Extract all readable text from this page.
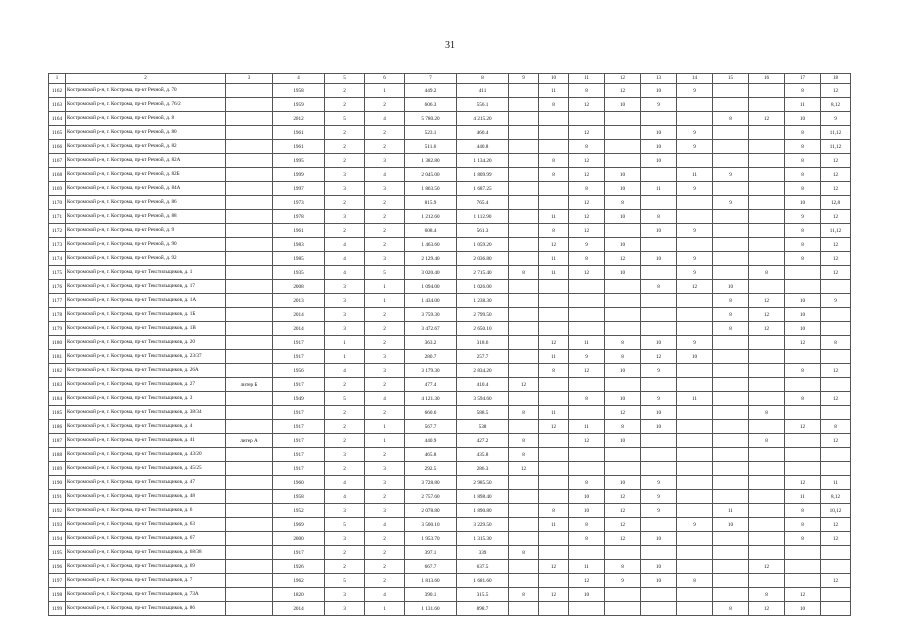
31
1	2	3	4	5	6	7	8	9	10	11	12	13	14	15	16	17	18
1162	Костромской р-н, г. Кострома, пр-кт Речной, д. 70		1958	2	1	449.2	411		11	8	12	10	9			8	12
1163	Костромской р-н, г. Кострома, пр-кт Речной, д. 76/2		1959	2	2	606.3	556.1		8	12	10	9				11	8,12
1164	Костромской р-н, г. Кострома, пр-кт Речной, д. 8		2012	5	4	5 780.20	4 215.20							8	12	10	9
1165	Костромской р-н, г. Кострома, пр-кт Речной, д. 80		1961	2	2	523.1	460.4			12		10	9			8	11,12
1166	Костромской р-н, г. Кострома, пр-кт Речной, д. 82		1961	2	2	511.6	440.8			8		10	9			8	11,12
1167	Костромской р-н, г. Кострома, пр-кт Речной, д. 82А		1995	2	3	1 382.80	1 134.20		8	12		10				8	12
1168	Костромской р-н, г. Кострома, пр-кт Речной, д. 82Б		1999	3	4	2 045.00	1 809.99		8	12	10		11	9		8	12
1169	Костромской р-н, г. Кострома, пр-кт Речной, д. 84А		1997	3	3	1 863.50	1 687.25			8	10	11	9			8	12
1170	Костромской р-н, г. Кострома, пр-кт Речной, д. 86		1973	2	2	815.9	765.4			12	8			9		10	12,8
1171	Костромской р-н, г. Кострома, пр-кт Речной, д. 88		1978	3	2	1 212.60	1 112.90		11	12	10	8				9	12
1172	Костромской р-н, г. Кострома, пр-кт Речной, д. 9		1961	2	2	608.4	561.3		8	12		10	9			8	11,12
1173	Костромской р-н, г. Кострома, пр-кт Речной, д. 90		1983	4	2	1 463.60	1 059.20		12	9	10					8	12
1174	Костромской р-н, г. Кострома, пр-кт Речной, д. 92		1985	4	3	2 129.40	2 036.80		11	8	12	10	9			8	12
1175	Костромской р-н, г. Кострома, пр-кт Текстильщиков, д. 1		1935	4	5	3 020.40	2 715.40	8	11	12	10		9		8		12
1176	Костромской р-н, г. Кострома, пр-кт Текстильщиков, д. 17		2008	3	1	1 094.00	1 026.00					8	12	10			
1177	Костромской р-н, г. Кострома, пр-кт Текстильщиков, д. 1А		2013	3	1	1 434.00	1 238.30							8	12	10	9
1178	Костромской р-н, г. Кострома, пр-кт Текстильщиков, д. 1Б		2014	3	2	3 759.30	2 799.50							8	12	10	
1179	Костромской р-н, г. Кострома, пр-кт Текстильщиков, д. 1В		2014	3	2	3 472.67	2 650.10							8	12	10	
1180	Костромской р-н, г. Кострома, пр-кт Текстильщиков, д. 20		1917	1	2	363.2	318.6		12	11	8	10	9			12	8
1181	Костромской р-н, г. Кострома, пр-кт Текстильщиков, д. 23/37		1917	1	3	280.7	257.7		11	9	8	12	10				
1182	Костромской р-н, г. Кострома, пр-кт Текстильщиков, д. 26А		1956	4	3	3 179.30	2 834.20		8	12	10	9				8	12
1183	Костромской р-н, г. Кострома, пр-кт Текстильщиков, д. 27	литер Б	1917	2	2	477.4	410.4	12									
1184	Костромской р-н, г. Кострома, пр-кт Текстильщиков, д. 3		1949	5	4	4 121.30	3 594.60			8	10	9	11			8	12
1185	Костромской р-н, г. Кострома, пр-кт Текстильщиков, д. 38/34		1917	2	2	660.6	588.5	8	11		12	10			8		
1186	Костромской р-н, г. Кострома, пр-кт Текстильщиков, д. 4		1917	2	1	567.7	538		12	11	8	10				12	8
1187	Костромской р-н, г. Кострома, пр-кт Текстильщиков, д. 41	литер А	1917	2	1	440.9	427.2	8		12	10				8		12
1188	Костромской р-н, г. Кострома, пр-кт Текстильщиков, д. 43/20		1917	3	2	465.8	435.8	8									
1189	Костромской р-н, г. Кострома, пр-кт Текстильщиков, д. 45/25		1917	2	3	292.5	286.3	12									
1190	Костромской р-н, г. Кострома, пр-кт Текстильщиков, д. 47		1960	4	3	3 728.80	2 985.50			8	10	9				12	11
1191	Костромской р-н, г. Кострома, пр-кт Текстильщиков, д. 48		1958	4	2	2 757.60	1 898.40			10	12	9				11	8,12
1192	Костромской р-н, г. Кострома, пр-кт Текстильщиков, д. 6		1952	3	3	2 078.80	1 890.80		8	10	12	9		11		8	10,12
1193	Костромской р-н, г. Кострома, пр-кт Текстильщиков, д. 63		1969	5	4	3 500.10	3 229.50		11	8	12		9	10		8	12
1194	Костромской р-н, г. Кострома, пр-кт Текстильщиков, д. 67		2000	3	2	1 953.70	1 315.30			8	12	10				8	12
1195	Костромской р-н, г. Кострома, пр-кт Текстильщиков, д. 68/38		1917	2	2	397.1	339	8									
1196	Костромской р-н, г. Кострома, пр-кт Текстильщиков, д. 69		1926	2	2	667.7	637.5		12	11	8	10			12		
1197	Костромской р-н, г. Кострома, пр-кт Текстильщиков, д. 7		1962	5	2	1 813.60	1 681.60			12	9	10	8				12
1198	Костромской р-н, г. Кострома, пр-кт Текстильщиков, д. 73А		1820	3	4	390.1	315.5	8	12	10					8	12	
1199	Костромской р-н, г. Кострома, пр-кт Текстильщиков, д. 86		2014	3	1	1 131.60	898.7							8	12	10	
